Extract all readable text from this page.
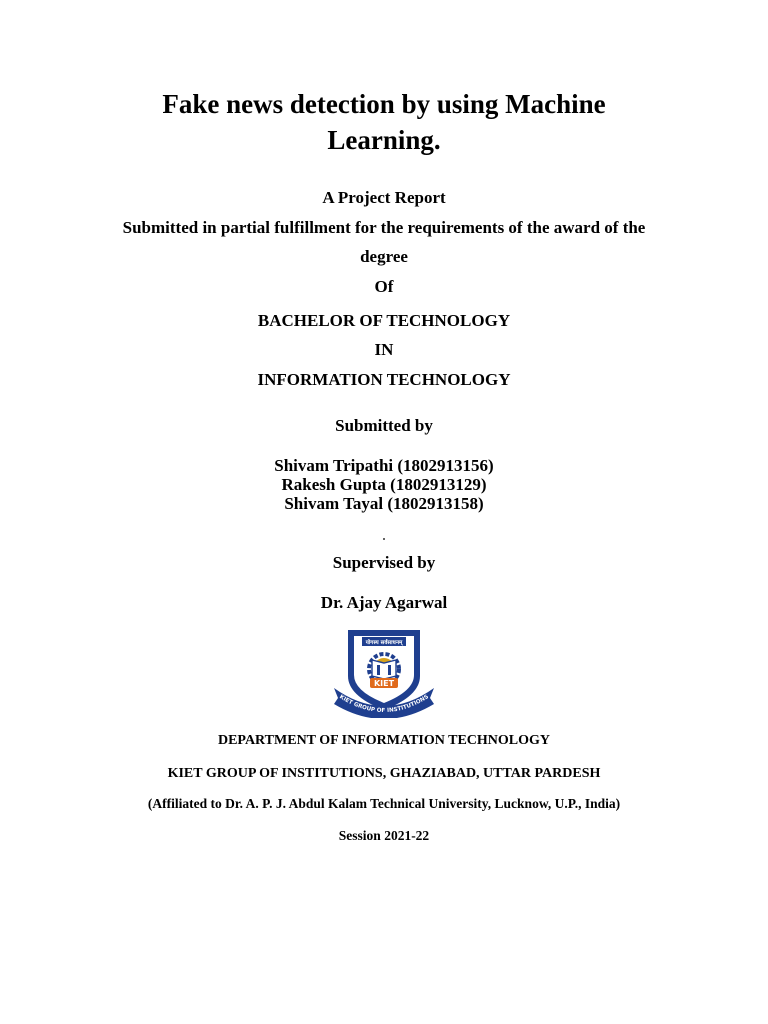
Fake news detection by using Machine
Learning.
A Project Report
Submitted in partial fulfillment for the requirements of the award of the
degree
Of
BACHELOR OF TECHNOLOGY
IN
INFORMATION TECHNOLOGY
Submitted by
Shivam Tripathi (1802913156)
Rakesh Gupta (1802913129)
Shivam Tayal (1802913158)
Supervised by
Dr. Ajay Agarwal
योगस्य सर्वसाधनम्
KIET
KIET GROUP OF INSTITUTIONS
DEPARTMENT OF INFORMATION TECHNOLOGY
KIET GROUP OF INSTITUTIONS, GHAZIABAD, UTTAR PARDESH
(Affiliated to Dr. A. P. J. Abdul Kalam Technical University, Lucknow, U.P., India)
Session 2021-22
